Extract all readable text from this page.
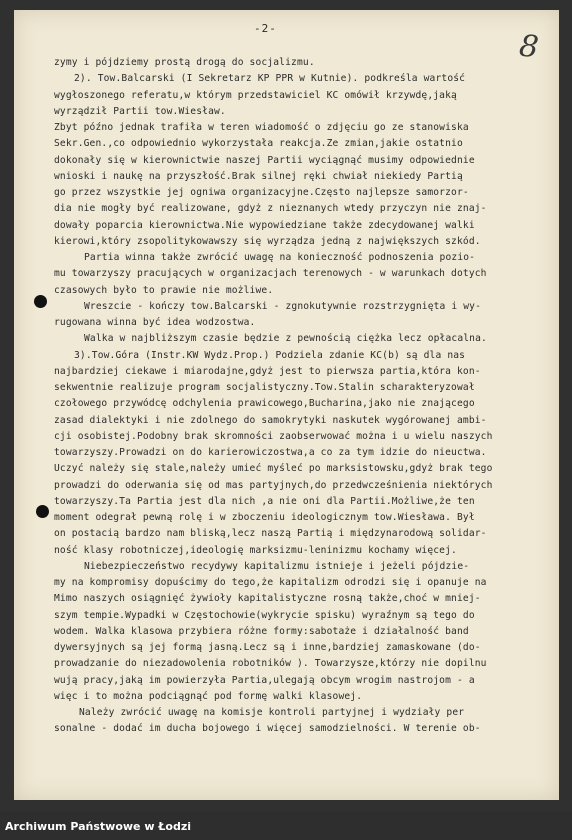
-2-
8
zymy i pójdziemy prostą drogą do socjalizmu.
2). Tow.Balcarski (I Sekretarz KP PPR w Kutnie). podkreśla wartość
wygłoszonego referatu,w którym przedstawiciel KC omówił krzywdę,jaką
wyrządził Partii tow.Wiesław.
Zbyt późno jednak trafiła w teren wiadomość o zdjęciu go ze stanowiska
Sekr.Gen.,co odpowiednio wykorzystała reakcja.Ze zmian,jakie ostatnio
dokonały się w kierownictwie naszej Partii wyciągnąć musimy odpowiednie
wnioski i naukę na przyszłość.Brak silnej ręki chwiał niekiedy Partią
go przez wszystkie jej ogniwa organizacyjne.Często najlepsze samorzor-
dia nie mogły być realizowane, gdyż z nieznanych wtedy przyczyn nie znaj-
dowały poparcia kierownictwa.Nie wypowiedziane także zdecydowanej walki
kierowi,który zsopolitykowawszy się wyrządza jedną z największych szkód.
Partia winna także zwrócić uwagę na konieczność podnoszenia pozio-
mu towarzyszy pracujących w organizacjach terenowych - w warunkach dotych
czasowych było to prawie nie możliwe.
Wreszcie - kończy tow.Balcarski - zgnokutywnie rozstrzygnięta i wy-
rugowana winna być idea wodzostwa.
Walka w najbliższym czasie będzie z pewnością ciężka lecz opłacalna.
3).Tow.Góra (Instr.KW Wydz.Prop.) Podziela zdanie KC(b) są dla nas
najbardziej ciekawe i miarodajne,gdyż jest to pierwsza partia,która kon-
sekwentnie realizuje program socjalistyczny.Tow.Stalin scharakteryzował
czołowego przywódcę odchylenia prawicowego,Bucharina,jako nie znającego
zasad dialektyki i nie zdolnego do samokrytyki naskutek wygórowanej ambi-
cji osobistej.Podobny brak skromności zaobserwować można i u wielu naszych
towarzyszy.Prowadzi on do karierowiczostwa,a co za tym idzie do nieuctwa.
Uczyć należy się stale,należy umieć myśleć po marksistowsku,gdyż brak tego
prowadzi do oderwania się od mas partyjnych,do przedwcześnienia niektórych
towarzyszy.Ta Partia jest dla nich ,a nie oni dla Partii.Możliwe,że ten
moment odegrał pewną rolę i w zboczeniu ideologicznym tow.Wiesława. Był
on postacią bardzo nam bliską,lecz naszą Partią i międzynarodową solidar-
ność klasy robotniczej,ideologię marksizmu-leninizmu kochamy więcej.
Niebezpieczeństwo recydywy kapitalizmu istnieje i jeżeli pójdzie-
my na kompromisy dopuścimy do tego,że kapitalizm odrodzi się i opanuje na
Mimo naszych osiągnięć żywioły kapitalistyczne rosną także,choć w mniej-
szym tempie.Wypadki w Częstochowie(wykrycie spisku) wyraźnym są tego do
wodem. Walka klasowa przybiera różne formy:sabotaże i działalność band
dywersyjnych są jej formą jasną.Lecz są i inne,bardziej zamaskowane (do-
prowadzanie do niezadowolenia robotników ). Towarzysze,którzy nie dopilnu
wują pracy,jaką im powierzyła Partia,ulegają obcym wrogim nastrojom - a
więc i to można podciągnąć pod formę walki klasowej.
Należy zwrócić uwagę na komisje kontroli partyjnej i wydziały per
sonalne - dodać im ducha bojowego i więcej samodzielności. W terenie ob-
Archiwum Państwowe w Łodzi
